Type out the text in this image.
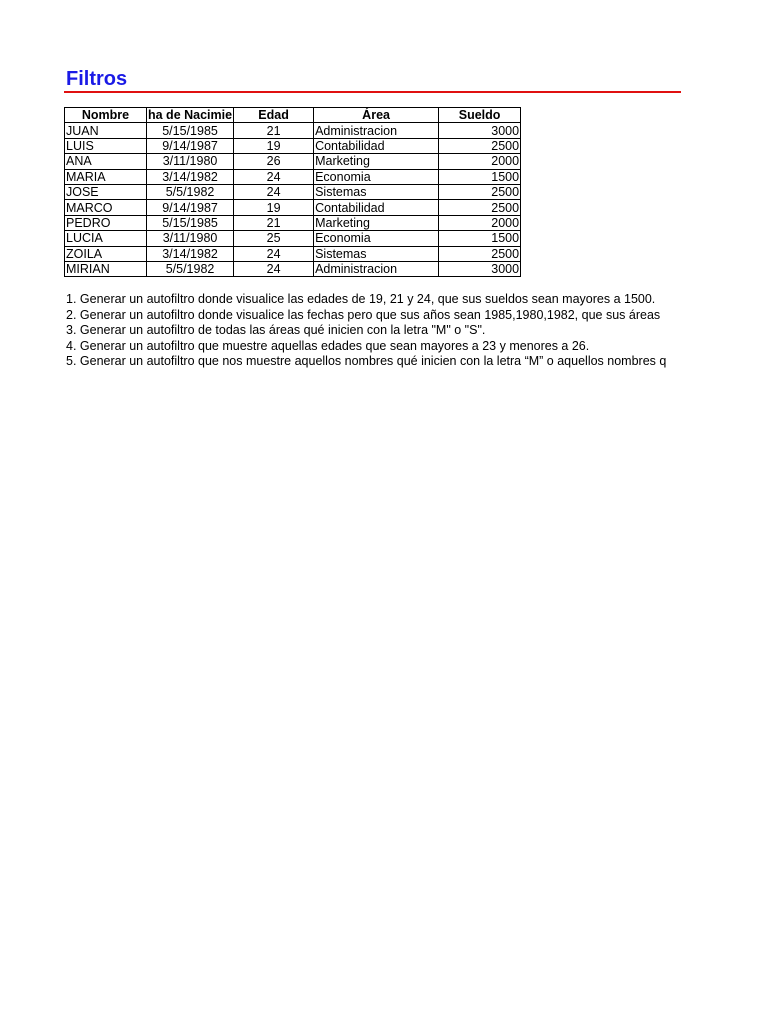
Filtros
Nombre	ha de Nacimie	Edad	Área	Sueldo
JUAN	5/15/1985	21	Administracion	3000
LUIS	9/14/1987	19	Contabilidad	2500
ANA	3/11/1980	26	Marketing	2000
MARIA	3/14/1982	24	Economia	1500
JOSE	5/5/1982	24	Sistemas	2500
MARCO	9/14/1987	19	Contabilidad	2500
PEDRO	5/15/1985	21	Marketing	2000
LUCIA	3/11/1980	25	Economia	1500
ZOILA	3/14/1982	24	Sistemas	2500
MIRIAN	5/5/1982	24	Administracion	3000
1. Generar un autofiltro donde visualice las edades de 19, 21 y 24, que sus sueldos sean mayores a 1500.
2. Generar un autofiltro donde visualice las fechas pero que sus años sean 1985,1980,1982, que sus áreas
3. Generar un autofiltro de todas las áreas qué inicien con la letra "M" o "S".
4. Generar un autofiltro que muestre aquellas edades que sean mayores a 23 y menores a 26.
5. Generar un autofiltro que nos muestre aquellos nombres qué inicien con la letra “M” o aquellos nombres q
